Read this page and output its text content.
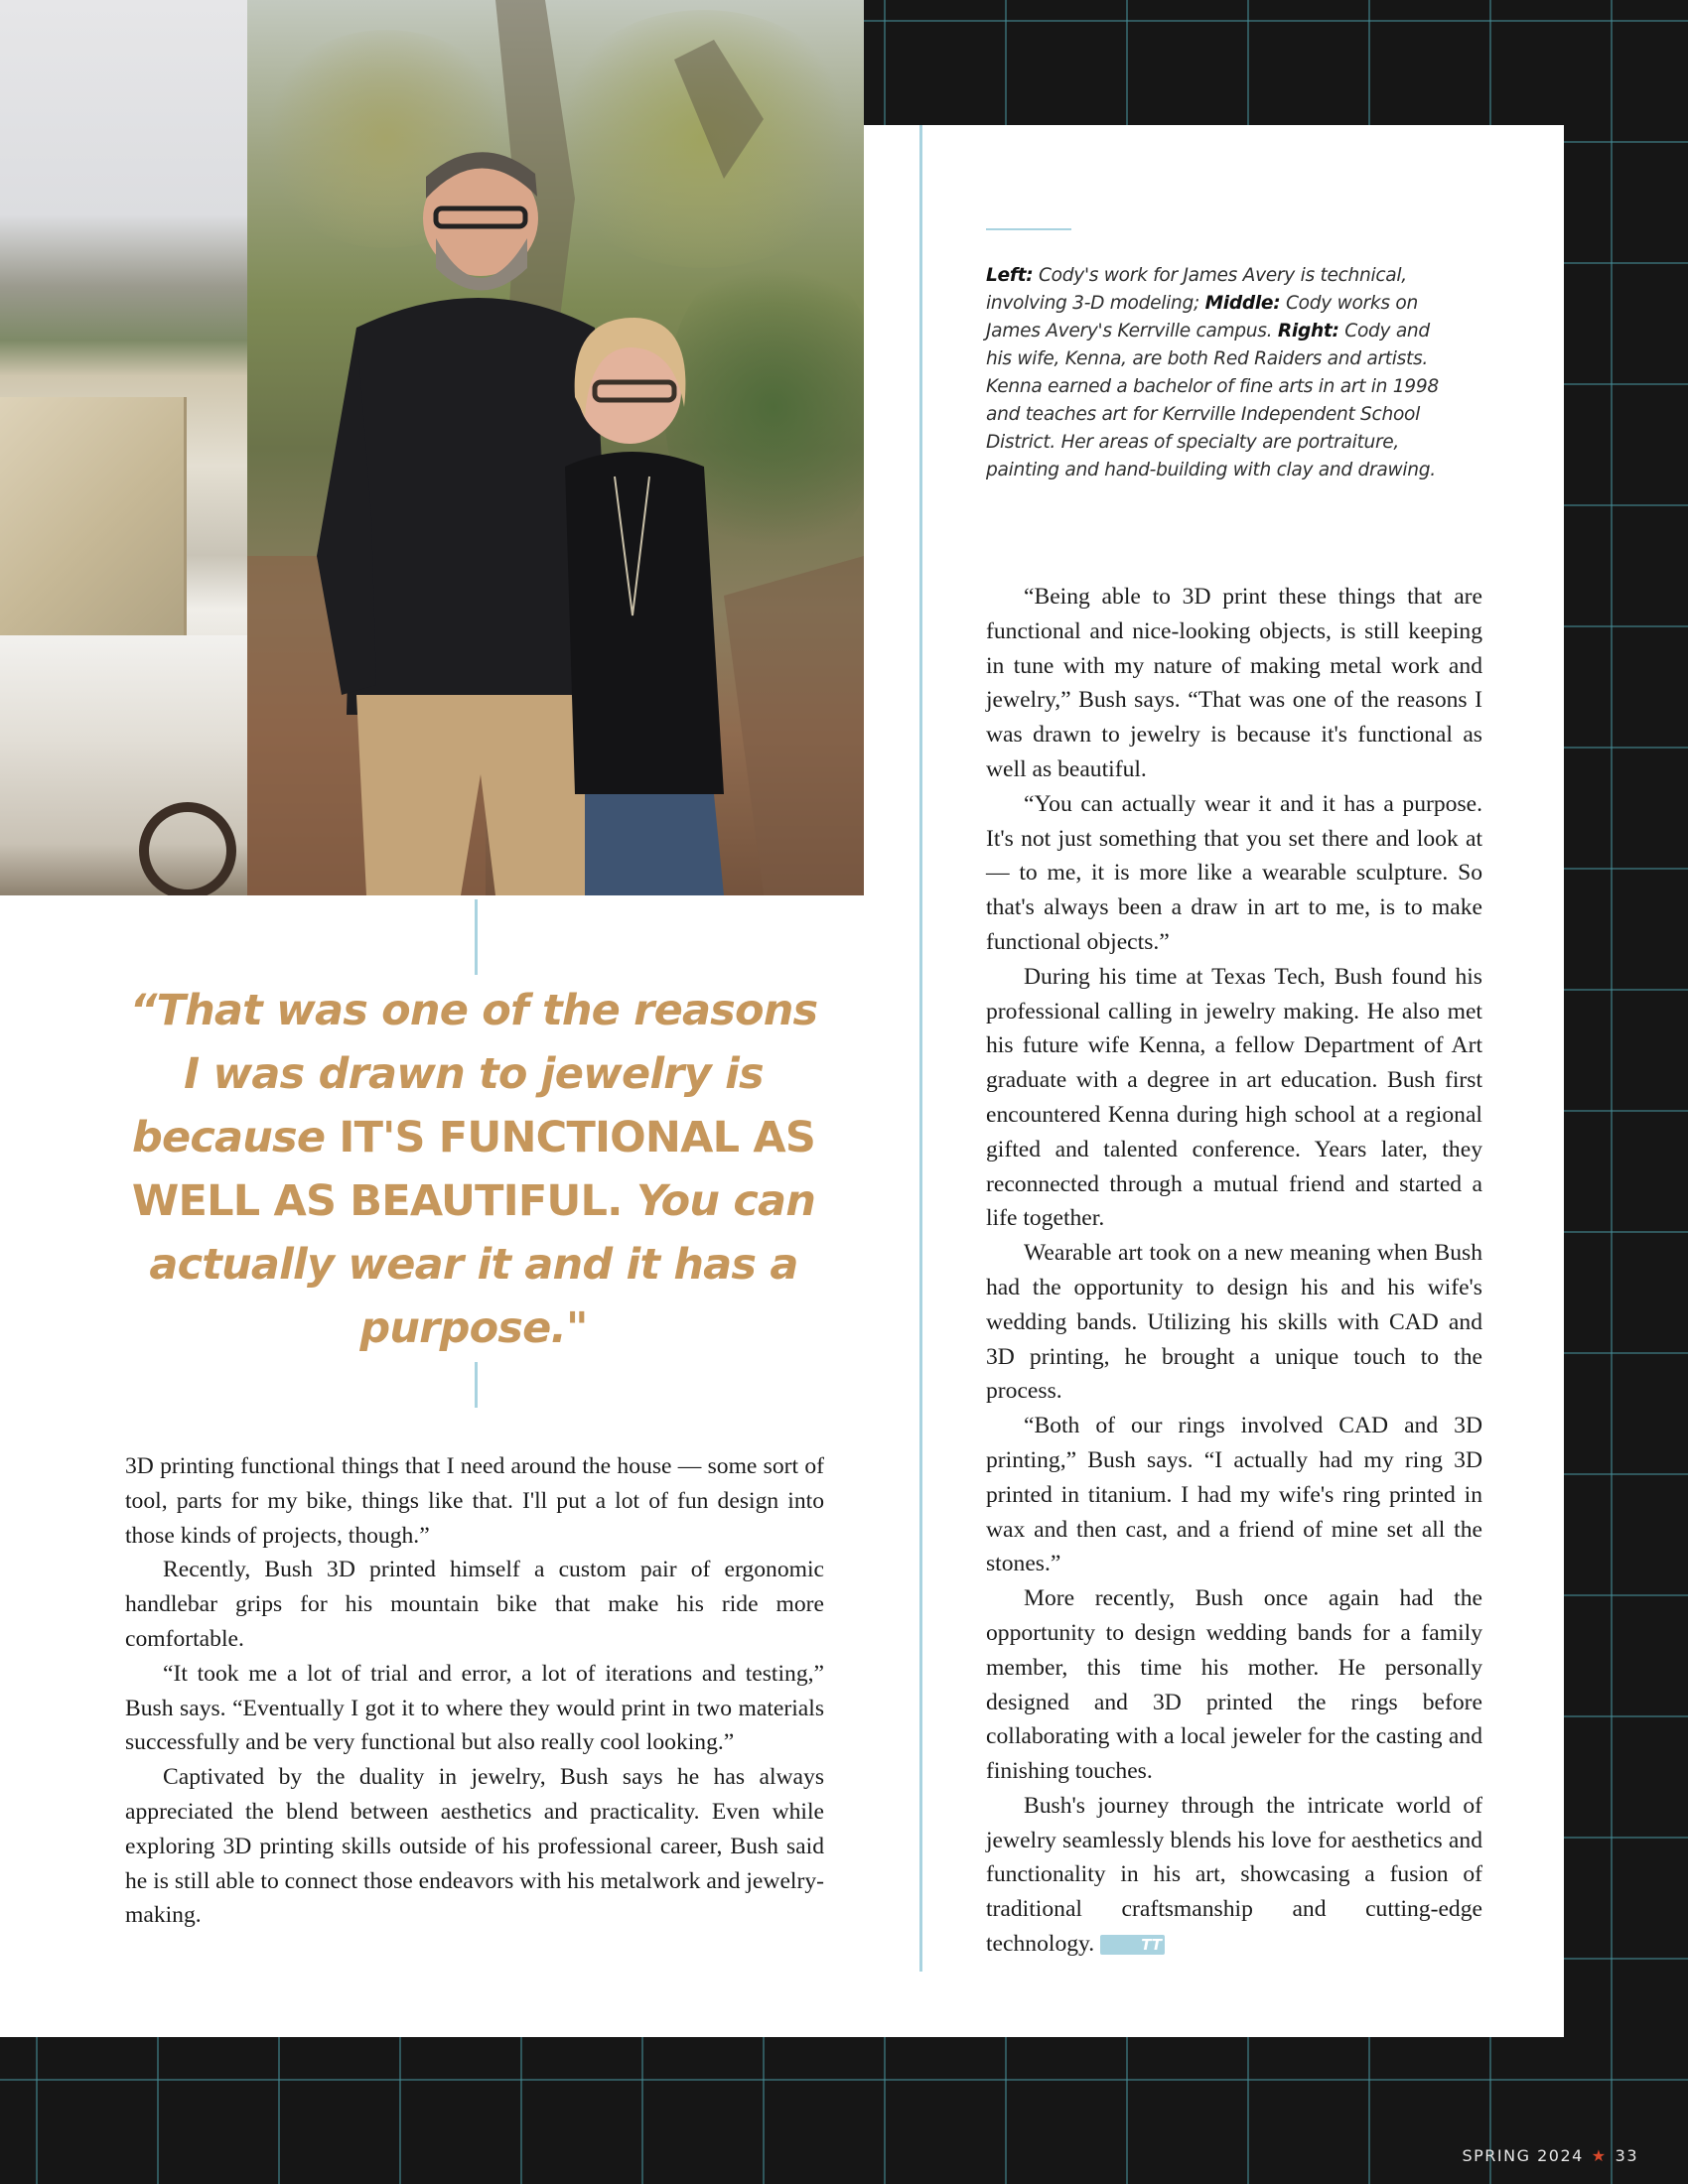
Left: Cody's work for James Avery is technical, involving 3-D modeling; Middle: Cody works on James Avery's Kerrville campus. Right: Cody and his wife, Kenna, are both Red Raiders and artists. Kenna earned a bachelor of fine arts in art in 1998 and teaches art for Kerrville Independent School District. Her areas of specialty are portraiture, painting and hand-building with clay and drawing.
“That was one of the reasons I was drawn to jewelry is because IT'S FUNCTIONAL AS WELL AS BEAUTIFUL. You can actually wear it and it has a purpose."

3D printing functional things that I need around the house — some sort of tool, parts for my bike, things like that. I'll put a lot of fun design into those kinds of projects, though.”

Recently, Bush 3D printed himself a custom pair of ergonomic handlebar grips for his mountain bike that make his ride more comfortable.

“It took me a lot of trial and error, a lot of iterations and testing,” Bush says. “Eventually I got it to where they would print in two materials successfully and be very functional but also really cool looking.”

Captivated by the duality in jewelry, Bush says he has always appreciated the blend between aesthetics and practicality. Even while exploring 3D printing skills outside of his professional career, Bush said he is still able to connect those endeavors with his metalwork and jewelry-making.

“Being able to 3D print these things that are functional and nice-looking objects, is still keeping in tune with my nature of making metal work and jewelry,” Bush says. “That was one of the reasons I was drawn to jewelry is because it's functional as well as beautiful.

“You can actually wear it and it has a purpose. It's not just something that you set there and look at — to me, it is more like a wearable sculpture. So that's always been a draw in art to me, is to make functional objects.”

During his time at Texas Tech, Bush found his professional calling in jewelry making. He also met his future wife Kenna, a fellow Department of Art graduate with a degree in art education. Bush first encountered Kenna during high school at a regional gifted and talented conference. Years later, they reconnected through a mutual friend and started a life together.

Wearable art took on a new meaning when Bush had the opportunity to design his and his wife's wedding bands. Utilizing his skills with CAD and 3D printing, he brought a unique touch to the process.

“Both of our rings involved CAD and 3D printing,” Bush says. “I actually had my ring 3D printed in titanium. I had my wife's ring printed in wax and then cast, and a friend of mine set all the stones.”

More recently, Bush once again had the opportunity to design wedding bands for a family member, this time his mother. He personally designed and 3D printed the rings before collaborating with a local jeweler for the casting and finishing touches.

Bush's journey through the intricate world of jewelry seamlessly blends his love for aesthetics and functionality in his art, showcasing a fusion of traditional craftsmanship and cutting-edge technology.	TT

SPRING 2024 ★ 33
